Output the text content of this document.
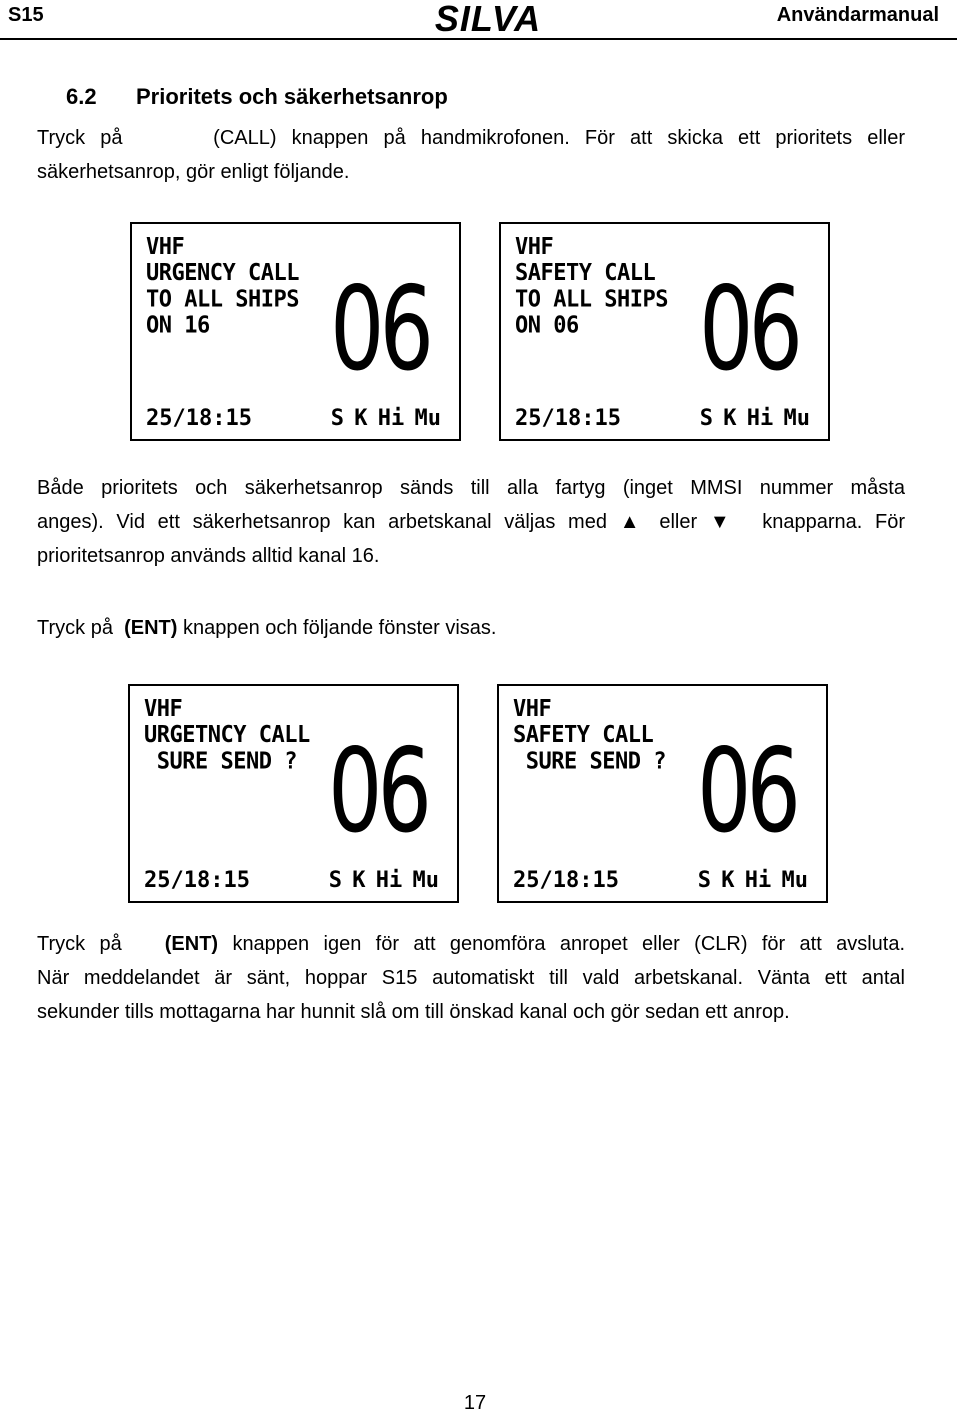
S15	SILVA	Användarmanual
6.2 Prioritets och säkerhetsanrop
Tryck på	(CALL) knappen på handmikrofonen. För att skicka ett prioritets eller
säkerhetsanrop, gör enligt följande.
VHF
URGENCY CALL
TO ALL SHIPS
ON 16	06
25/18:15	S K Hi Mu
VHF
SAFETY CALL
TO ALL SHIPS
ON 06	06
25/18:15	S K Hi Mu
Både prioritets och säkerhetsanrop sänds till alla fartyg (inget MMSI nummer måsta
anges). Vid ett säkerhetsanrop kan arbetskanal väljas med ▲ eller ▼ knapparna. För
prioritetsanrop används alltid kanal 16.
Tryck på (ENT) knappen och följande fönster visas.
VHF
URGETNCY CALL
SURE SEND ? 06
25/18:15	S K Hi Mu
VHF
SAFETY CALL
SURE SEND ? 06
25/18:15	S K Hi Mu
Tryck på (ENT) knappen igen för att genomföra anropet eller (CLR) för att avsluta.
När meddelandet är sänt, hoppar S15 automatiskt till vald arbetskanal. Vänta ett antal
sekunder tills mottagarna har hunnit slå om till önskad kanal och gör sedan ett anrop.
17
